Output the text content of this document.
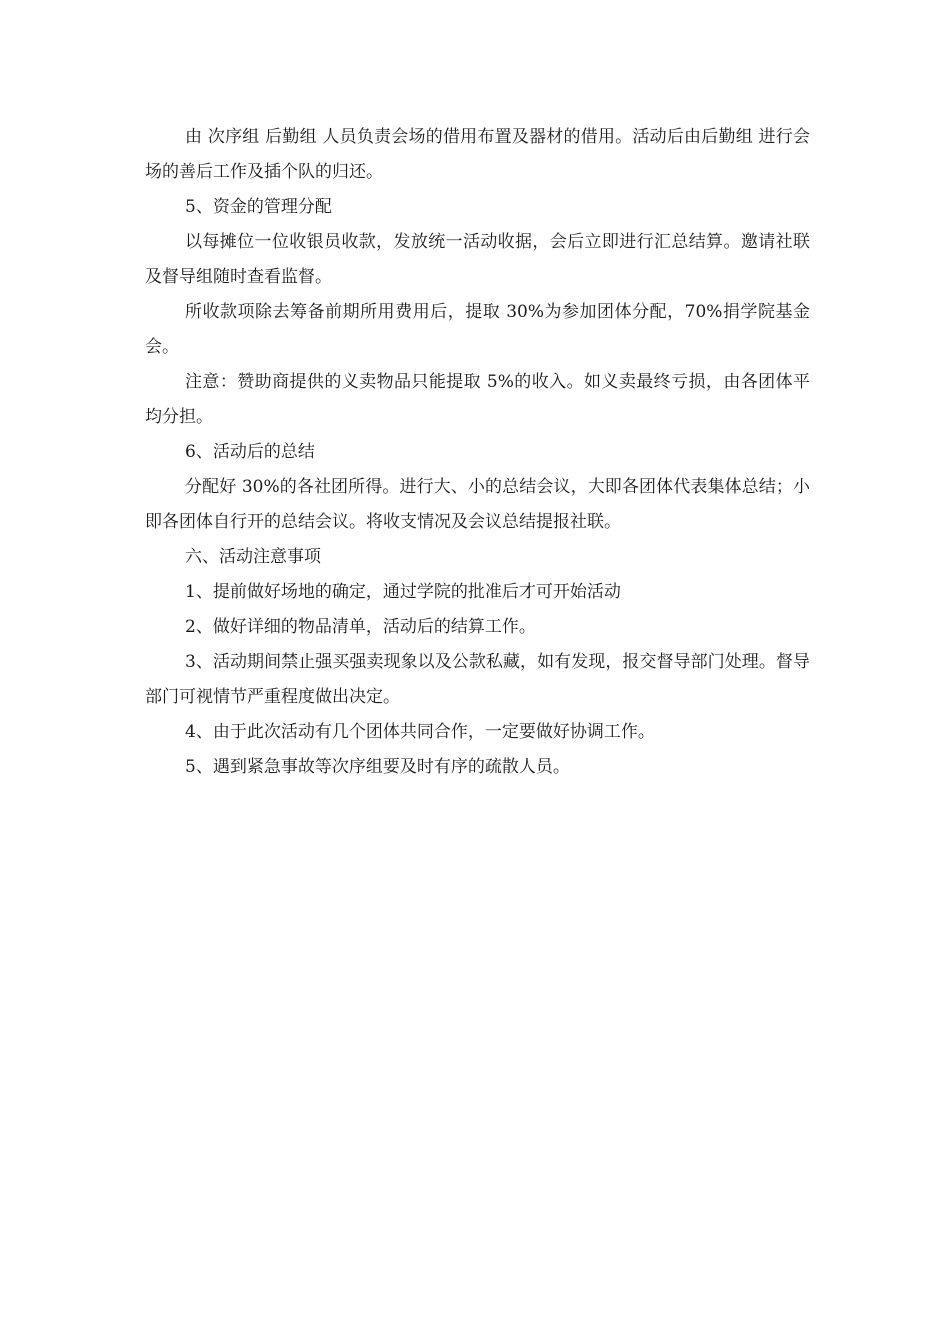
由 次序组 后勤组 人员负责会场的借用布置及器材的借用。活动后由后勤组 进行会场的善后工作及插个队的归还。

5、资金的管理分配

以每摊位一位收银员收款，发放统一活动收据，会后立即进行汇总结算。邀请社联及督导组随时查看监督。

所收款项除去筹备前期所用费用后，提取 30%为参加团体分配，70%捐学院基金会。

注意：赞助商提供的义卖物品只能提取 5%的收入。如义卖最终亏损，由各团体平均分担。

6、活动后的总结

分配好 30%的各社团所得。进行大、小的总结会议，大即各团体代表集体总结；小即各团体自行开的总结会议。将收支情况及会议总结提报社联。

六、活动注意事项

1、提前做好场地的确定，通过学院的批准后才可开始活动

2、做好详细的物品清单，活动后的结算工作。

3、活动期间禁止强买强卖现象以及公款私藏，如有发现，报交督导部门处理。督导部门可视情节严重程度做出决定。

4、由于此次活动有几个团体共同合作，一定要做好协调工作。

5、遇到紧急事故等次序组要及时有序的疏散人员。
